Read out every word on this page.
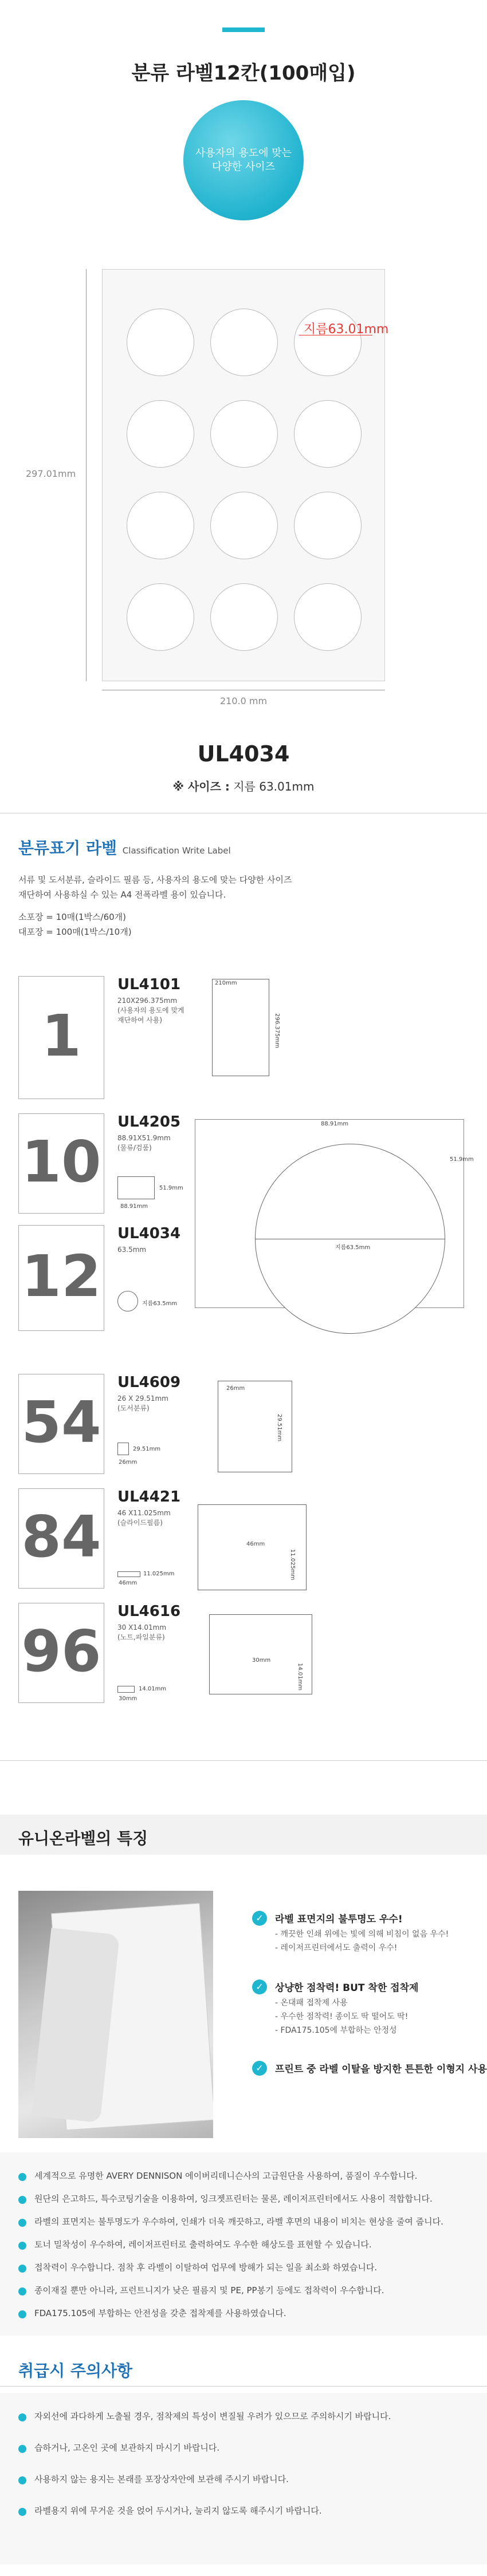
분류 라벨12칸(100매입)
사용자의 용도에 맞는
다양한 사이즈
297.01mm
지름63.01mm
210.0 mm
UL4034
※ 사이즈 : 지름 63.01mm
분류표기 라벨 Classification Write Label
서류 및 도서분류, 슬라이드 필름 등, 사용자의 용도에 맞는 다양한 사이즈
재단하여 사용하실 수 있는 A4 전폭라벨 용이 있습니다.
소포장 = 10매(1박스/60개)
대포장 = 100매(1박스/10개)
1
UL4101
210X296.375mm
(사용자의 용도에 맞게
재단하여 사용)
210mm
296.375mm
10
UL4205
88.91X51.9mm
(물류/검품)
51.9mm
88.91mm
88.91mm
51.9mm
12
UL4034
63.5mm
지름63.5mm
지름63.5mm
54
UL4609
26 X 29.51mm
(도서분류)
29.51mm
26mm
26mm
29.51mm
84
UL4421
46 X11.025mm
(슬라이드필름)
11.025mm
46mm
46mm
11.025mm
96
UL4616
30 X14.01mm
(노트,파일분류)
14.01mm
30mm
30mm
14.01mm
유니온라벨의 특징
✓	라벨 표면지의 불투명도 우수!
- 깨끗한 인쇄 위에는 빛에 의해 비침이 없음 우수!
- 레이저프린터에서도 출력이 우수!
✓	상냥한 점착력! BUT 착한 접착제
- 온대패 접착제 사용
- 우수한 점착력! 종이도 딱 떨어도 딱!
- FDA175.105에 부합하는 안정성
✓	프린트 중 라벨 이탈을 방지한 튼튼한 이형지 사용
세계적으로 유명한 AVERY DENNISON 에이버리데니슨사의 고급원단을 사용하여, 품질이 우수합니다.
원단의 은고하드, 특수코팅기술을 이용하여, 잉크젯프린터는 물론, 레이저프린터에서도 사용이 적합합니다.
라벨의 표면지는 불투명도가 우수하여, 인쇄가 더욱 깨끗하고, 라벨 후면의 내용이 비치는 현상을 줄여 줍니다.
토너 밀착성이 우수하여, 레이저프린터로 출력하여도 우수한 해상도를 표현할 수 있습니다.
접착력이 우수합니다. 점착 후 라벨이 이탈하여 업무에 방해가 되는 일을 최소화 하였습니다.
종이재질 뿐만 아니라, 프런트니지가 낮은 필름지 및 PE, PP봉기 등에도 접착력이 우수합니다.
FDA175.105에 부합하는 안전성을 갖춘 접착제를 사용하였습니다.
취급시 주의사항
자외선에 과다하게 노출될 경우, 점착제의 특성이 변질될 우려가 있으므로 주의하시기 바랍니다.
습하거나, 고온인 곳에 보관하지 마시기 바랍니다.
사용하지 않는 용지는 본래를 포장상자안에 보관해 주시기 바랍니다.
라벨용지 위에 무거운 것을 얹어 두시거나, 눌리지 않도록 해주시기 바랍니다.
